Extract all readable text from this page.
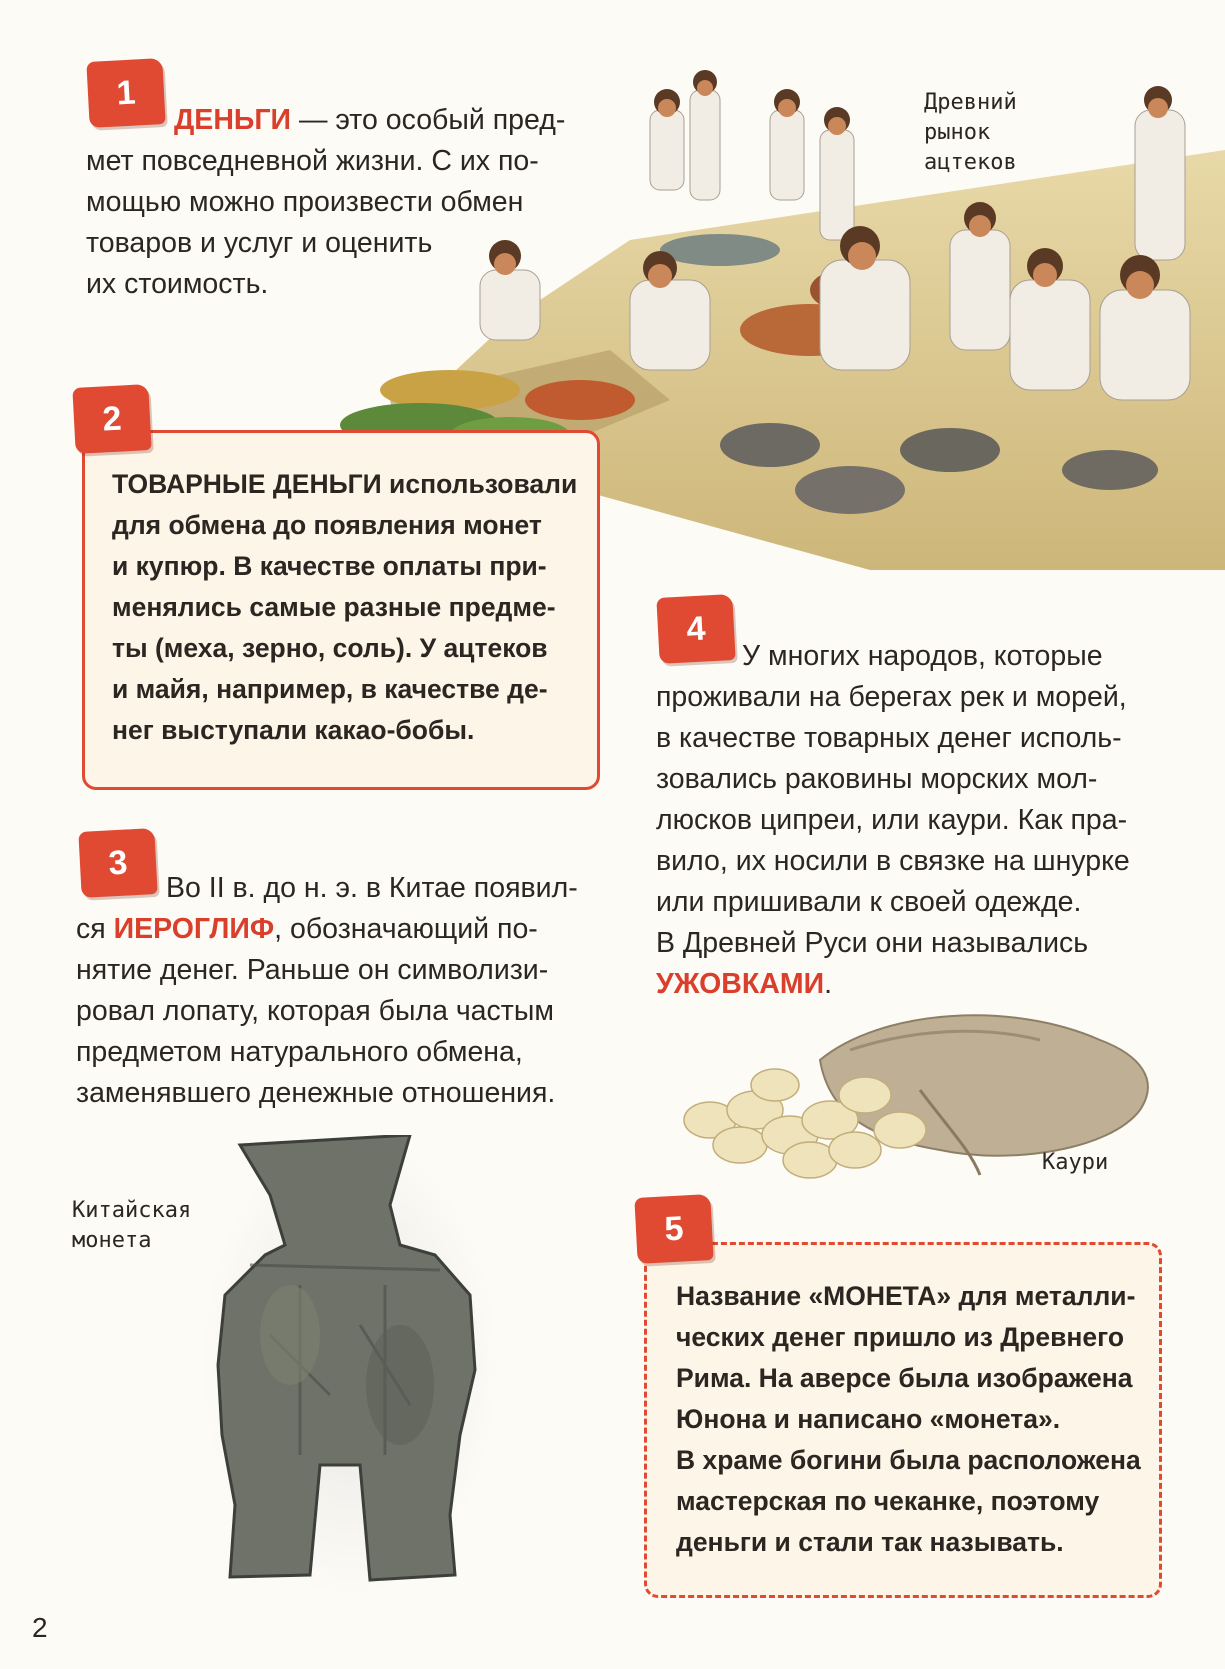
1

ДЕНЬГИ — это особый пред-

мет повседневной жизни. С их по-

мощью можно произвести обмен

товаров и услуг и оценить

их стоимость.

Древний
рынок
ацтеков
2
ТОВАРНЫЕ ДЕНЬГИ использовали
для обмена до появления монет
и купюр. В качестве оплаты при-
менялись самые разные предме-
ты (меха, зерно, соль). У ацтеков
и майя, например, в качестве де-
нег выступали какао-бобы.
3

Во II в. до н. э. в Китае появил-

ся ИЕРОГЛИФ, обозначающий по-

нятие денег. Раньше он символизи-

ровал лопату, которая была частым

предметом натурального обмена,

заменявшего денежные отношения.

Китайская
монета
4

У многих народов, которые

проживали на берегах рек и морей,

в качестве товарных денег исполь-

зовались раковины морских мол-

люсков ципреи, или каури. Как пра-

вило, их носили в связке на шнурке

или пришивали к своей одежде.

В Древней Руси они назывались

УЖОВКАМИ.

Каури
5
Название «МОНЕТА» для металли-
ческих денег пришло из Древнего
Рима. На аверсе была изображена
Юнона и написано «монета».
В храме богини была расположена
мастерская по чеканке, поэтому
деньги и стали так называть.
2
